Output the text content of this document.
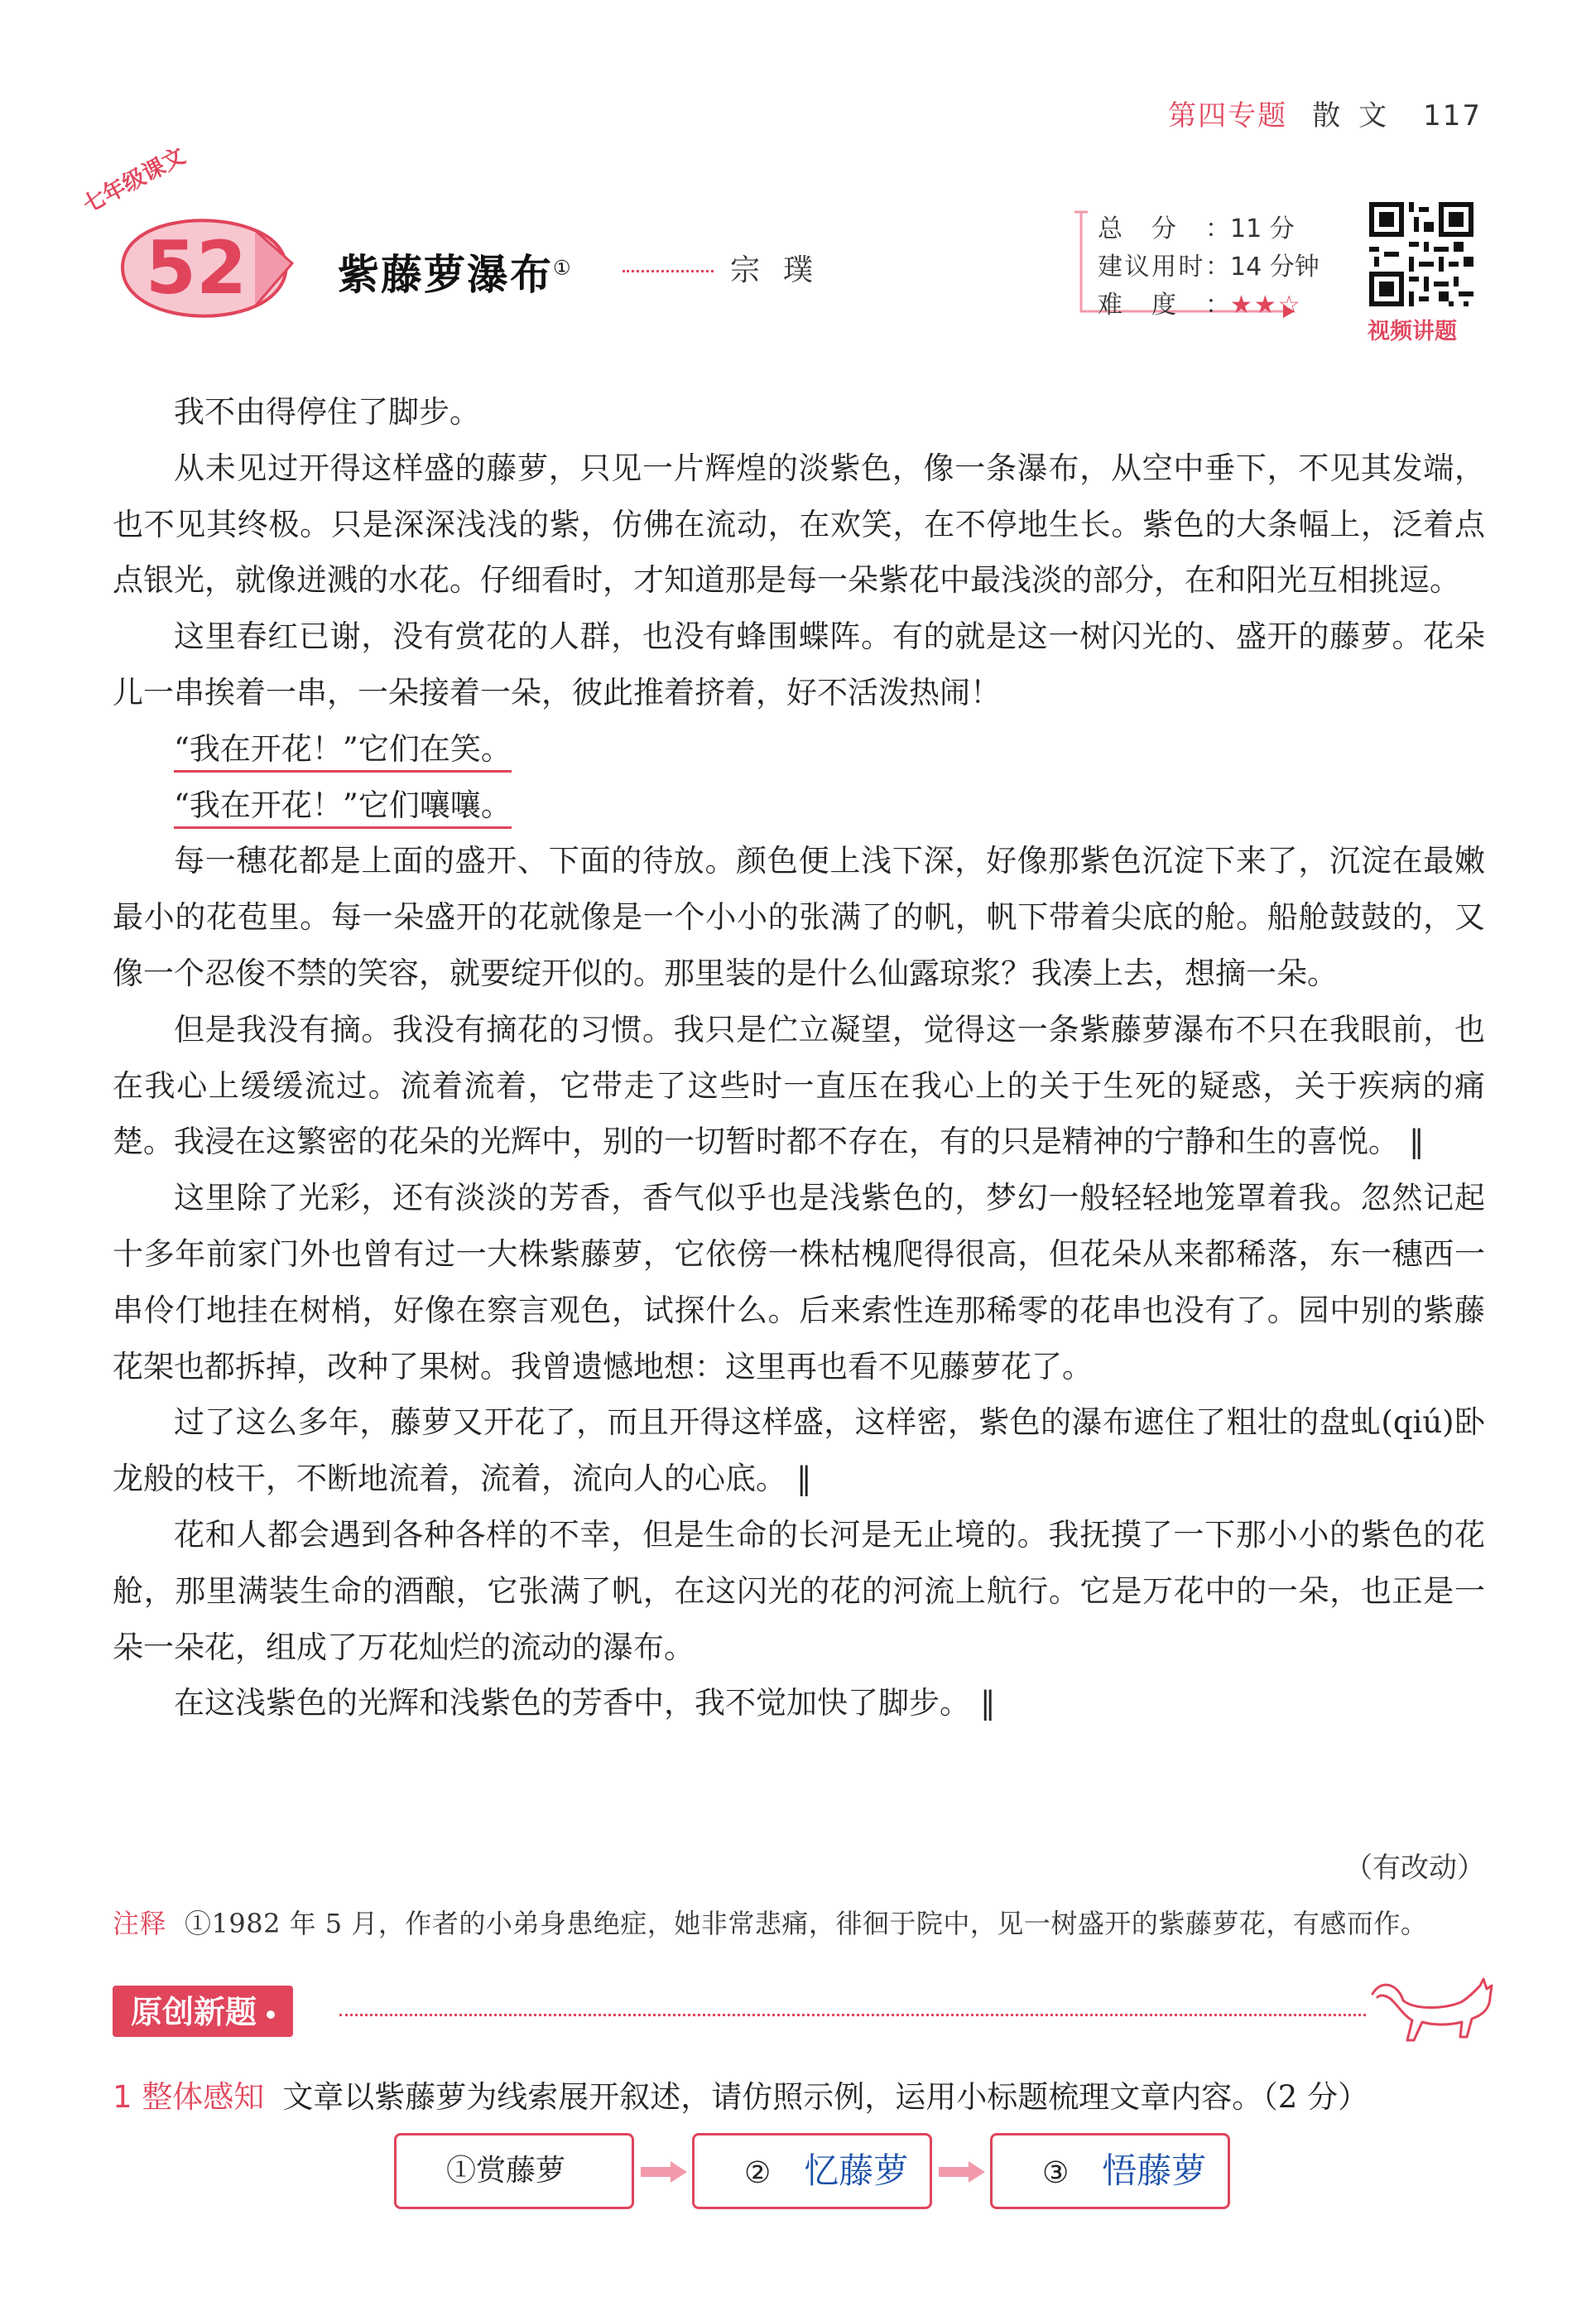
第四专题 散文 117
七年级课文
52 紫藤萝瀑布①	宗璞
总分：11 分
建议用时：14 分钟
难度：★★☆
视频讲题

我不由得停住了脚步。

从未见过开得这样盛的藤萝，只见一片辉煌的淡紫色，像一条瀑布，从空中垂下，不见其发端，也不见其终极。只是深深浅浅的紫，仿佛在流动，在欢笑，在不停地生长。紫色的大条幅上，泛着点点银光，就像迸溅的水花。仔细看时，才知道那是每一朵紫花中最浅淡的部分，在和阳光互相挑逗。

这里春红已谢，没有赏花的人群，也没有蜂围蝶阵。有的就是这一树闪光的、盛开的藤萝。花朵儿一串挨着一串，一朵接着一朵，彼此推着挤着，好不活泼热闹！

“我在开花！”它们在笑。

“我在开花！”它们嚷嚷。

每一穗花都是上面的盛开、下面的待放。颜色便上浅下深，好像那紫色沉淀下来了，沉淀在最嫩最小的花苞里。每一朵盛开的花就像是一个小小的张满了的帆，帆下带着尖底的舱。船舱鼓鼓的，又像一个忍俊不禁的笑容，就要绽开似的。那里装的是什么仙露琼浆？我凑上去，想摘一朵。

但是我没有摘。我没有摘花的习惯。我只是伫立凝望，觉得这一条紫藤萝瀑布不只在我眼前，也在我心上缓缓流过。流着流着，它带走了这些时一直压在我心上的关于生死的疑惑，关于疾病的痛楚。我浸在这繁密的花朵的光辉中，别的一切暂时都不存在，有的只是精神的宁静和生的喜悦。 ‖

这里除了光彩，还有淡淡的芳香，香气似乎也是浅紫色的，梦幻一般轻轻地笼罩着我。忽然记起十多年前家门外也曾有过一大株紫藤萝，它依傍一株枯槐爬得很高，但花朵从来都稀落，东一穗西一串伶仃地挂在树梢，好像在察言观色，试探什么。后来索性连那稀零的花串也没有了。园中别的紫藤花架也都拆掉，改种了果树。我曾遗憾地想：这里再也看不见藤萝花了。

过了这么多年，藤萝又开花了，而且开得这样盛，这样密，紫色的瀑布遮住了粗壮的盘虬(qiú)卧龙般的枝干，不断地流着，流着，流向人的心底。 ‖

花和人都会遇到各种各样的不幸，但是生命的长河是无止境的。我抚摸了一下那小小的紫色的花舱，那里满装生命的酒酿，它张满了帆，在这闪光的花的河流上航行。它是万花中的一朵，也正是一朵一朵花，组成了万花灿烂的流动的瀑布。

在这浅紫色的光辉和浅紫色的芳香中，我不觉加快了脚步。 ‖

（有改动）
注释 ①1982 年 5 月，作者的小弟身患绝症，她非常悲痛，徘徊于院中，见一树盛开的紫藤萝花，有感而作。
原创新题
1 整体感知 文章以紫藤萝为线索展开叙述，请仿照示例，运用小标题梳理文章内容。（2 分）
①赏藤萝	② 忆藤萝	③ 悟藤萝
